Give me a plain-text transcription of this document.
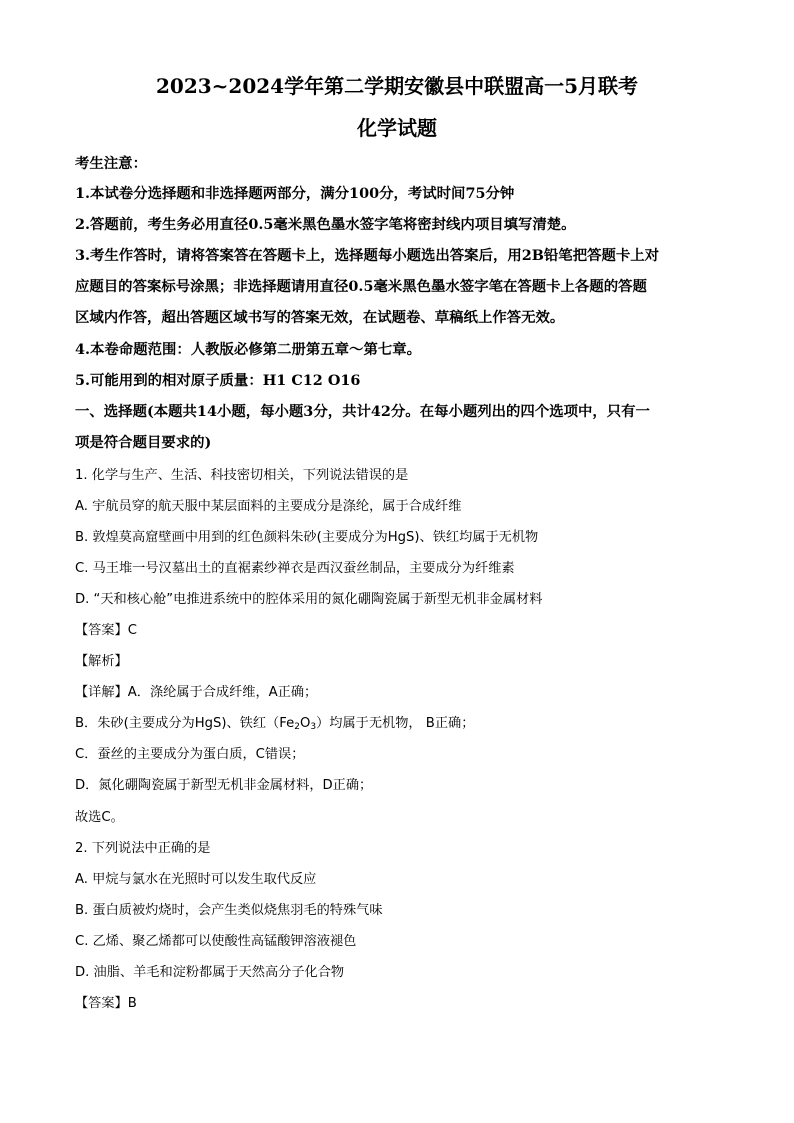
2023~2024学年第二学期安徽县中联盟高一5月联考
化学试题
考生注意：
1.本试卷分选择题和非选择题两部分，满分100分，考试时间75分钟
2.答题前，考生务必用直径0.5毫米黑色墨水签字笔将密封线内项目填写清楚。
3.考生作答时，请将答案答在答题卡上，选择题每小题选出答案后，用2B铅笔把答题卡上对
应题目的答案标号涂黑；非选择题请用直径0.5毫米黑色墨水签字笔在答题卡上各题的答题
区域内作答，超出答题区域书写的答案无效，在试题卷、草稿纸上作答无效。
4.本卷命题范围：人教版必修第二册第五章～第七章。
5.可能用到的相对原子质量：H1 C12 O16
一、选择题(本题共14小题，每小题3分，共计42分。在每小题列出的四个选项中，只有一
项是符合题目要求的)
1. 化学与生产、生活、科技密切相关，下列说法错误的是
A. 宇航员穿的航天服中某层面料的主要成分是涤纶，属于合成纤维
B. 敦煌莫高窟壁画中用到的红色颜料朱砂(主要成分为HgS)、铁红均属于无机物
C. 马王堆一号汉墓出土的直裾素纱禅衣是西汉蚕丝制品，主要成分为纤维素
D. “天和核心舱”电推进系统中的腔体采用的氮化硼陶瓷属于新型无机非金属材料
【答案】C
【解析】
【详解】A．涤纶属于合成纤维，A正确；
B．朱砂(主要成分为HgS)、铁红$(Fe_2O_3)$均属于无机物， B正确；
C．蚕丝的主要成分为蛋白质，C错误；
D．氮化硼陶瓷属于新型无机非金属材料，D正确；
故选C。
2. 下列说法中正确的是
A. 甲烷与氯水在光照时可以发生取代反应
B. 蛋白质被灼烧时，会产生类似烧焦羽毛的特殊气味
C. 乙烯、聚乙烯都可以使酸性高锰酸钾溶液褪色
D. 油脂、羊毛和淀粉都属于天然高分子化合物
【答案】B
